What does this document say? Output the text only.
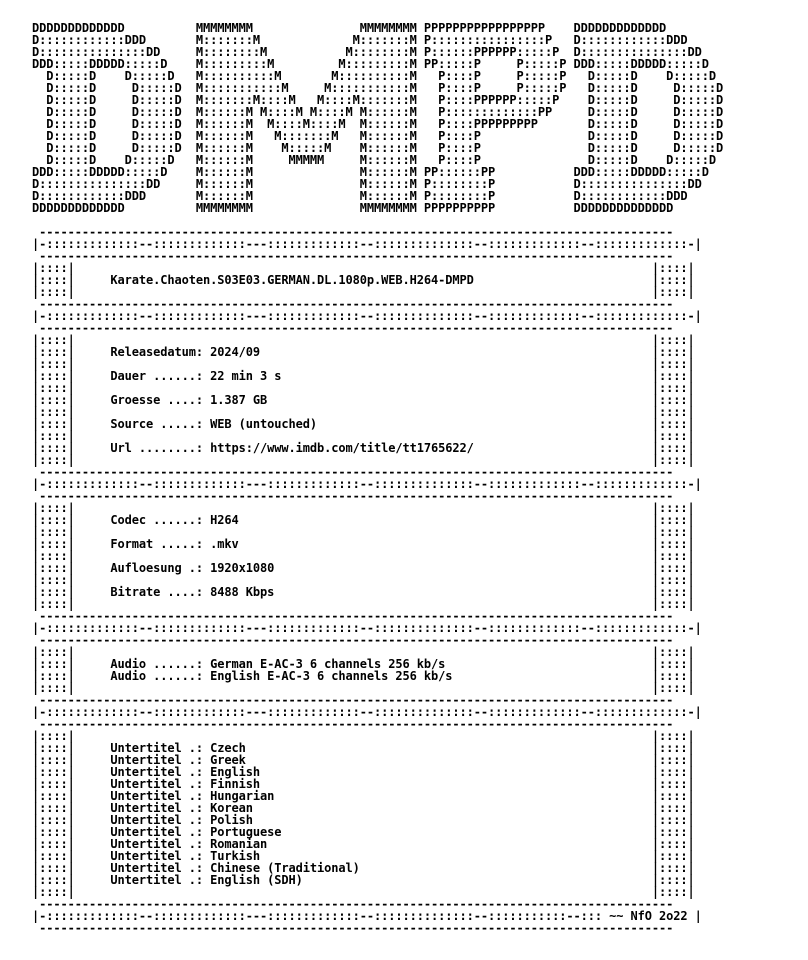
DDDDDDDDDDDDD          MMMMMMMM               MMMMMMMM PPPPPPPPPPPPPPPPP    DDDDDDDDDDDDD
D::::::::::::DDD       M:::::::M             M:::::::M P::::::::::::::::P   D::::::::::::DDD
D:::::::::::::::DD     M::::::::M           M::::::::M P::::::PPPPPP:::::P  D:::::::::::::::DD
DDD:::::DDDDD:::::D    M:::::::::M         M:::::::::M PP:::::P     P:::::P DDD:::::DDDDD:::::D
D:::::D    D:::::D   M::::::::::M       M::::::::::M   P::::P     P:::::P   D:::::D    D:::::D
D:::::D     D:::::D  M:::::::::::M     M:::::::::::M   P::::P     P:::::P   D:::::D     D:::::D
D:::::D     D:::::D  M:::::::M::::M   M::::M:::::::M   P::::PPPPPP:::::P    D:::::D     D:::::D
D:::::D     D:::::D  M::::::M M::::M M::::M M::::::M   P:::::::::::::PP     D:::::D     D:::::D
D:::::D     D:::::D  M::::::M  M::::M::::M  M::::::M   P::::PPPPPPPPP       D:::::D     D:::::D
D:::::D     D:::::D  M::::::M   M:::::::M   M::::::M   P::::P               D:::::D     D:::::D
D:::::D     D:::::D  M::::::M    M:::::M    M::::::M   P::::P               D:::::D     D:::::D
D:::::D    D:::::D   M::::::M     MMMMM     M::::::M   P::::P               D:::::D    D:::::D
DDD:::::DDDDD:::::D    M::::::M               M::::::M PP::::::PP           DDD:::::DDDDD:::::D
D:::::::::::::::DD     M::::::M               M::::::M P::::::::P           D:::::::::::::::DD
D::::::::::::DDD       M::::::M               M::::::M P::::::::P           D::::::::::::DDD
DDDDDDDDDDDDD          MMMMMMMM               MMMMMMMM PPPPPPPPPP           DDDDDDDDDDDDDD

-----------------------------------------------------------------------------------------
|-:::::::::::::--:::::::::::::---:::::::::::::--::::::::::::::--:::::::::::::--:::::::::::::-|
-----------------------------------------------------------------------------------------
|::::|                                                                                 |::::|
|::::|     Karate.Chaoten.S03E03.GERMAN.DL.1080p.WEB.H264-DMPD                         |::::|
|::::|                                                                                 |::::|
-----------------------------------------------------------------------------------------
|-:::::::::::::--:::::::::::::---:::::::::::::--::::::::::::::--:::::::::::::--:::::::::::::-|
-----------------------------------------------------------------------------------------
|::::|                                                                                 |::::|
|::::|     Releasedatum: 2024/09                                                       |::::|
|::::|                                                                                 |::::|
|::::|     Dauer ......: 22 min 3 s                                                    |::::|
|::::|                                                                                 |::::|
|::::|     Groesse ....: 1.387 GB                                                      |::::|
|::::|                                                                                 |::::|
|::::|     Source .....: WEB (untouched)                                               |::::|
|::::|                                                                                 |::::|
|::::|     Url ........: https://www.imdb.com/title/tt1765622/                         |::::|
|::::|                                                                                 |::::|
-----------------------------------------------------------------------------------------
|-:::::::::::::--:::::::::::::---:::::::::::::--::::::::::::::--:::::::::::::--:::::::::::::-|
-----------------------------------------------------------------------------------------
|::::|                                                                                 |::::|
|::::|     Codec ......: H264                                                          |::::|
|::::|                                                                                 |::::|
|::::|     Format .....: .mkv                                                          |::::|
|::::|                                                                                 |::::|
|::::|     Aufloesung .: 1920x1080                                                     |::::|
|::::|                                                                                 |::::|
|::::|     Bitrate ....: 8488 Kbps                                                     |::::|
|::::|                                                                                 |::::|
-----------------------------------------------------------------------------------------
|-:::::::::::::--:::::::::::::---:::::::::::::--::::::::::::::--:::::::::::::--:::::::::::::-|
-----------------------------------------------------------------------------------------
|::::|                                                                                 |::::|
|::::|     Audio ......: German E-AC-3 6 channels 256 kb/s                             |::::|
|::::|     Audio ......: English E-AC-3 6 channels 256 kb/s                            |::::|
|::::|                                                                                 |::::|
-----------------------------------------------------------------------------------------
|-:::::::::::::--:::::::::::::---:::::::::::::--::::::::::::::--:::::::::::::--:::::::::::::-|
-----------------------------------------------------------------------------------------
|::::|                                                                                 |::::|
|::::|     Untertitel .: Czech                                                         |::::|
|::::|     Untertitel .: Greek                                                         |::::|
|::::|     Untertitel .: English                                                       |::::|
|::::|     Untertitel .: Finnish                                                       |::::|
|::::|     Untertitel .: Hungarian                                                     |::::|
|::::|     Untertitel .: Korean                                                        |::::|
|::::|     Untertitel .: Polish                                                        |::::|
|::::|     Untertitel .: Portuguese                                                    |::::|
|::::|     Untertitel .: Romanian                                                      |::::|
|::::|     Untertitel .: Turkish                                                       |::::|
|::::|     Untertitel .: Chinese (Traditional)                                         |::::|
|::::|     Untertitel .: English (SDH)                                                 |::::|
|::::|                                                                                 |::::|
-----------------------------------------------------------------------------------------
|-:::::::::::::--:::::::::::::---:::::::::::::--::::::::::::::--:::::::::::--::: ~~ NfO 2o22 |
-----------------------------------------------------------------------------------------
